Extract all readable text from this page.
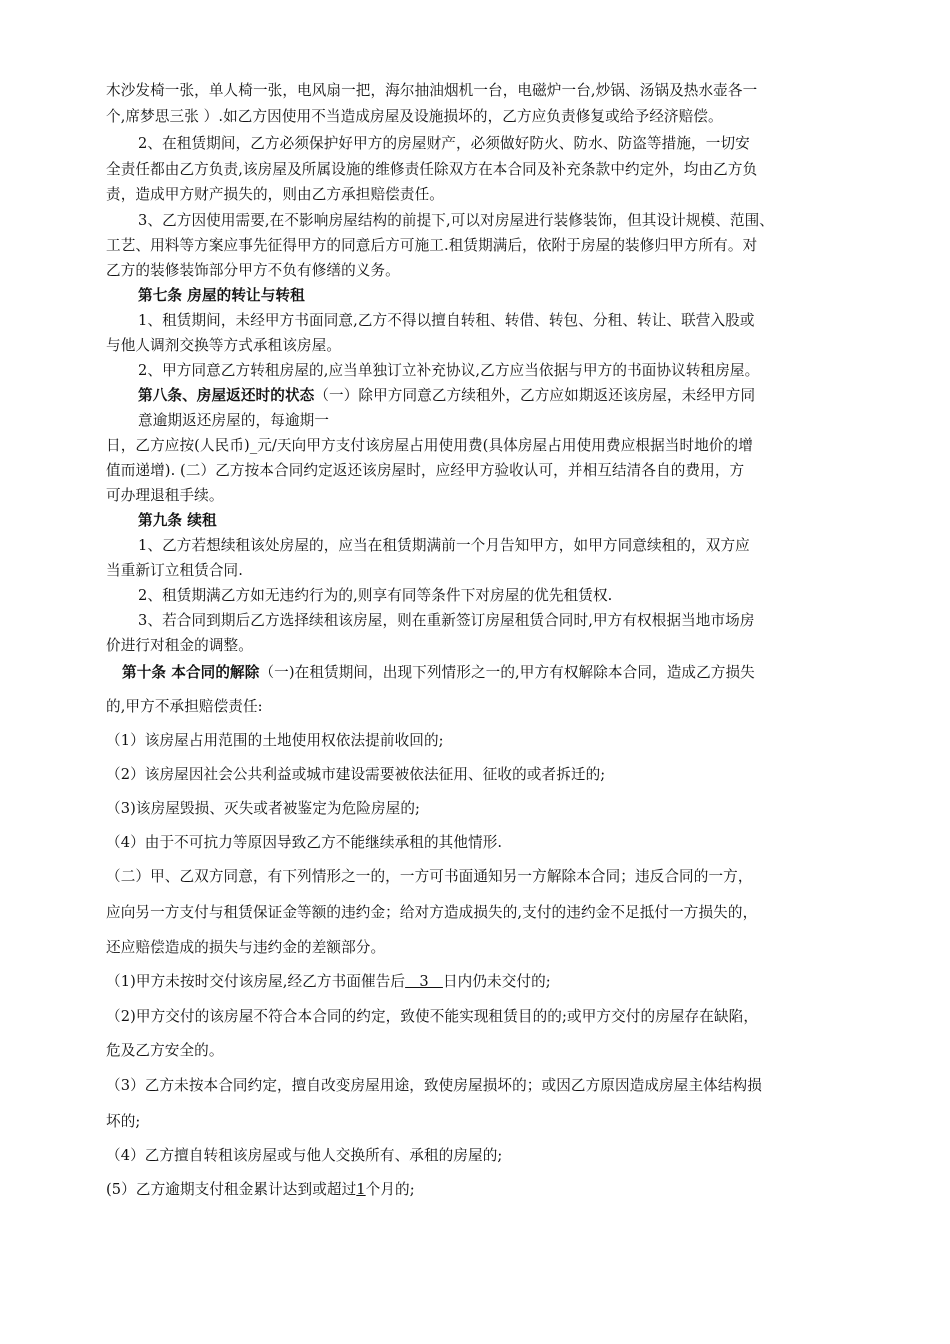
木沙发椅一张，单人椅一张，电风扇一把，海尔抽油烟机一台，电磁炉一台,炒锅、汤锅及热水壶各一
个,席梦思三张 ）.如乙方因使用不当造成房屋及设施损坏的，乙方应负责修复或给予经济赔偿。
2、在租赁期间，乙方必须保护好甲方的房屋财产，必须做好防火、防水、防盗等措施，一切安
全责任都由乙方负责,该房屋及所属设施的维修责任除双方在本合同及补充条款中约定外，均由乙方负
责，造成甲方财产损失的，则由乙方承担赔偿责任。
3、乙方因使用需要,在不影响房屋结构的前提下,可以对房屋进行装修装饰，但其设计规模、范围、
工艺、用料等方案应事先征得甲方的同意后方可施工.租赁期满后，依附于房屋的装修归甲方所有。对
乙方的装修装饰部分甲方不负有修缮的义务。
第七条 房屋的转让与转租
1、租赁期间，未经甲方书面同意,乙方不得以擅自转租、转借、转包、分租、转让、联营入股或
与他人调剂交换等方式承租该房屋。
2、甲方同意乙方转租房屋的,应当单独订立补充协议,乙方应当依据与甲方的书面协议转租房屋。
第八条、房屋返还时的状态（一）除甲方同意乙方续租外，乙方应如期返还该房屋，未经甲方同
意逾期返还房屋的，每逾期一
日，乙方应按(人民币)_元/天向甲方支付该房屋占用使用费(具体房屋占用使用费应根据当时地价的增
值而递增). (二）乙方按本合同约定返还该房屋时，应经甲方验收认可，并相互结清各自的费用，方
可办理退租手续。
第九条 续租
1、乙方若想续租该处房屋的，应当在租赁期满前一个月告知甲方，如甲方同意续租的，双方应
当重新订立租赁合同.
2、租赁期满乙方如无违约行为的,则享有同等条件下对房屋的优先租赁权.
3、若合同到期后乙方选择续租该房屋，则在重新签订房屋租赁合同时,甲方有权根据当地市场房
价进行对租金的调整。
第十条 本合同的解除（一)在租赁期间，出现下列情形之一的,甲方有权解除本合同，造成乙方损失
的,甲方不承担赔偿责任:
（1）该房屋占用范围的土地使用权依法提前收回的;
（2）该房屋因社会公共利益或城市建设需要被依法征用、征收的或者拆迁的;
（3)该房屋毁损、灭失或者被鉴定为危险房屋的;
（4）由于不可抗力等原因导致乙方不能继续承租的其他情形.
（二）甲、乙双方同意，有下列情形之一的，一方可书面通知另一方解除本合同；违反合同的一方，
应向另一方支付与租赁保证金等额的违约金；给对方造成损失的,支付的违约金不足抵付一方损失的，
还应赔偿造成的损失与违约金的差额部分。
（1)甲方未按时交付该房屋,经乙方书面催告后   3   日内仍未交付的;
（2)甲方交付的该房屋不符合本合同的约定，致使不能实现租赁目的的;或甲方交付的房屋存在缺陷，
危及乙方安全的。
（3）乙方未按本合同约定，擅自改变房屋用途，致使房屋损坏的；或因乙方原因造成房屋主体结构损
坏的;
（4）乙方擅自转租该房屋或与他人交换所有、承租的房屋的;
(5）乙方逾期支付租金累计达到或超过1个月的;
